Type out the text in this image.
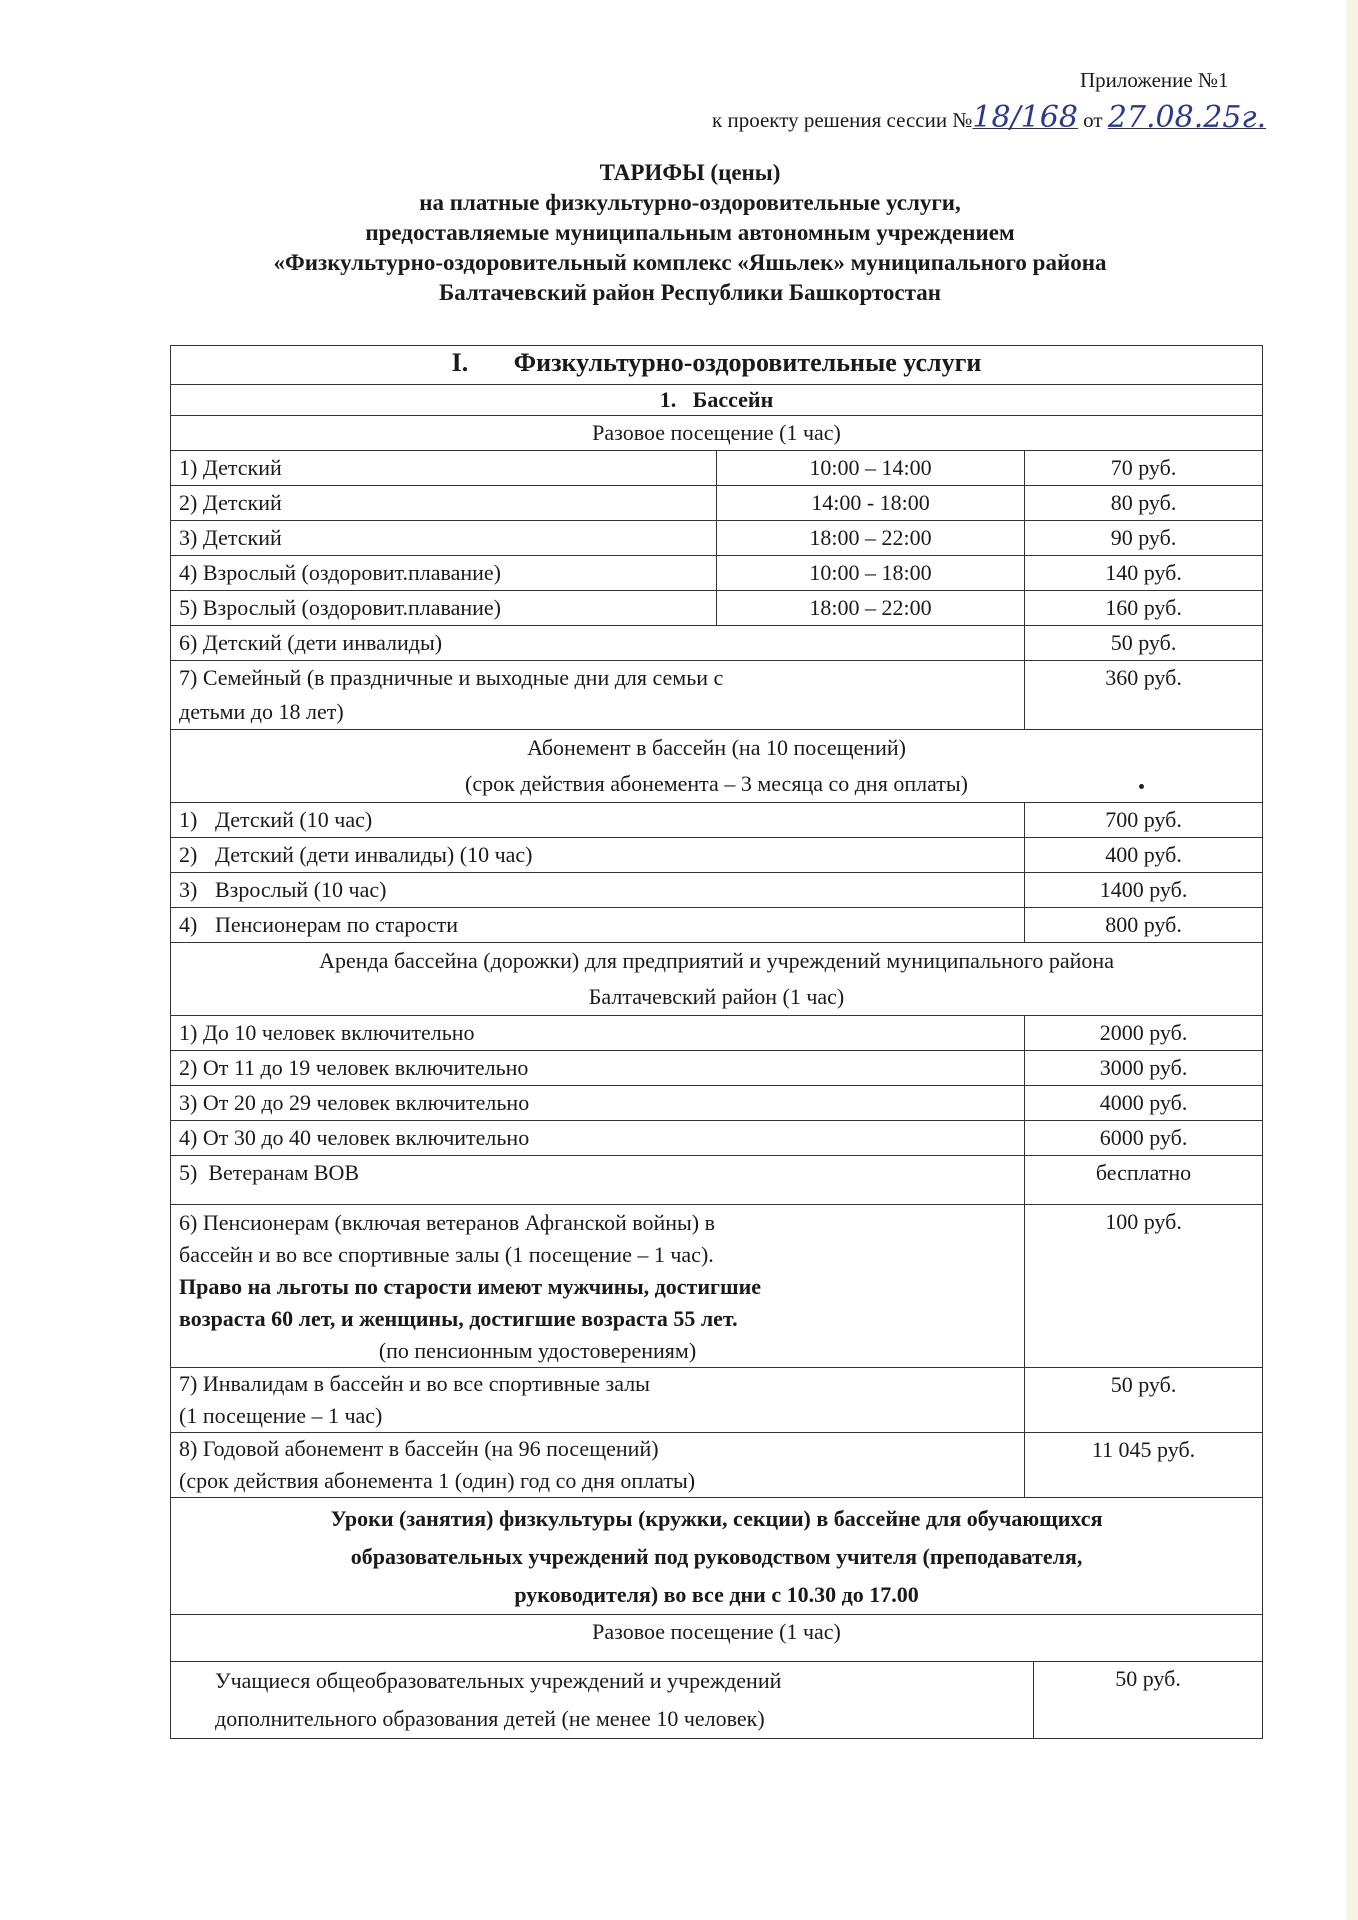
Приложение №1
к проекту решения сессии №18/168 от 27.08.25г.
ТАРИФЫ (цены)
на платные физкультурно-оздоровительные услуги,
предоставляемые муниципальным автономным учреждением
«Физкультурно-оздоровительный комплекс «Яшьлек» муниципального района
Балтачевский район Республики Башкортостан
I.       Физкультурно-оздоровительные услуги			
1.   Бассейн			
Разовое посещение (1 час)			
1) Детский	10:00 – 14:00	70 руб.	
2) Детский	14:00 - 18:00	80 руб.	
3) Детский	18:00 – 22:00	90 руб.	
4) Взрослый (оздоровит.плавание)	10:00 – 18:00	140 руб.	
5) Взрослый (оздоровит.плавание)	18:00 – 22:00	160 руб.	
6) Детский (дети инвалиды)		50 руб.	

7) Семейный (в праздничные и выходные дни для семьи с
детьми до 18 лет)		360 руб.	

Абонемент в бассейн (на 10 посещений)
(срок действия абонемента – 3 месяца со дня оплаты)			

1) Детский (10 час)		700 руб.	
2) Детский (дети инвалиды) (10 час)		400 руб.	
3) Взрослый (10 час)		1400 руб.	
4) Пенсионерам по старости		800 руб.	

Аренда бассейна (дорожки) для предприятий и учреждений муниципального района
Балтачевский район (1 час)			

1) До 10 человек включительно		2000 руб.	
2) От 11 до 19 человек включительно		3000 руб.	
3) От 20 до 29 человек включительно		4000 руб.	
4) От 30 до 40 человек включительно		6000 руб.	
5)  Ветеранам ВОВ		бесплатно	

6) Пенсионерам (включая ветеранов Афганской войны) в
бассейн и во все спортивные залы (1 посещение – 1 час).
Право на льготы по старости имеют мужчины, достигшие
возраста 60 лет, и женщины, достигшие возраста 55 лет.
(по пенсионным удостоверениям)		100 руб.	

7) Инвалидам в бассейн и во все спортивные залы
(1 посещение – 1 час)		50 руб.	

8) Годовой абонемент в бассейн (на 96 посещений)
(срок действия абонемента 1 (один) год со дня оплаты)		11 045 руб.	

Уроки (занятия) физкультуры (кружки, секции) в бассейне для обучающихся
образовательных учреждений под руководством учителя (преподавателя,
руководителя) во все дни с 10.30 до 17.00			

Разовое посещение (1 час)			

Учащиеся общеобразовательных учреждений и учреждений
дополнительного образования детей (не менее 10 человек)			50 руб.
